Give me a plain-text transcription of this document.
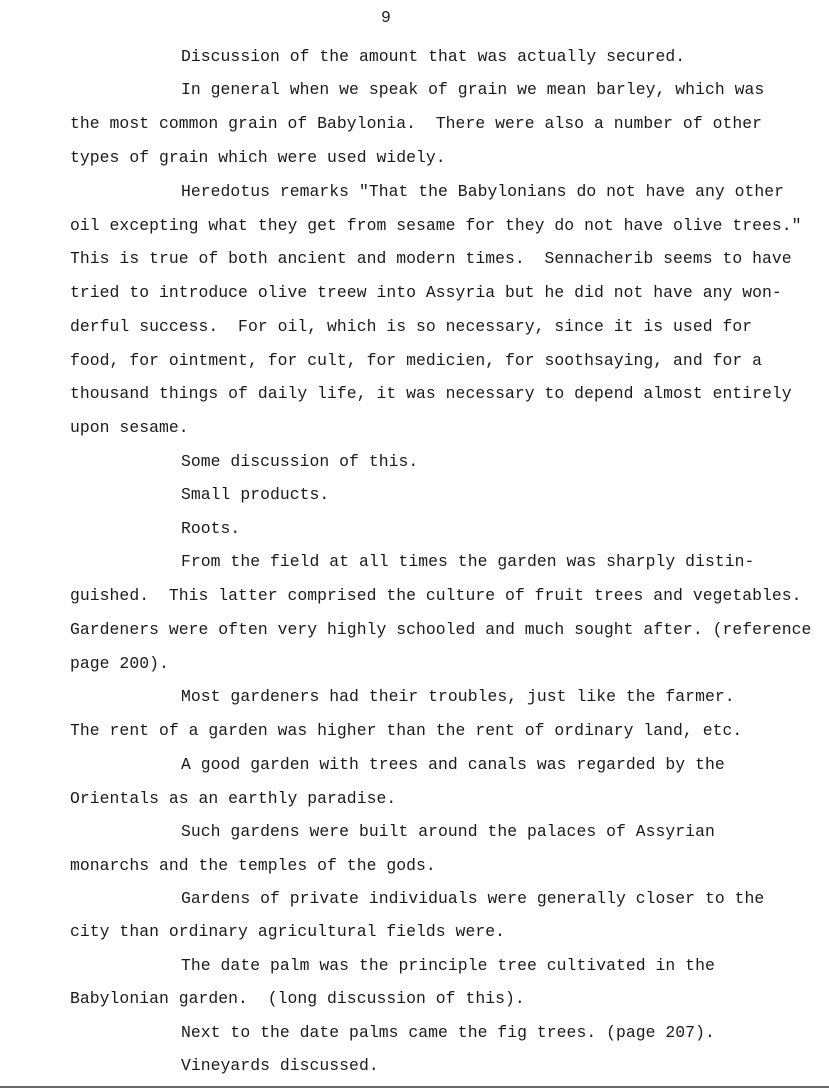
9
Discussion of the amount that was actually secured.
In general when we speak of grain we mean barley, which was
the most common grain of Babylonia.  There were also a number of other
types of grain which were used widely.
Heredotus remarks "That the Babylonians do not have any other
oil excepting what they get from sesame for they do not have olive trees."
This is true of both ancient and modern times.  Sennacherib seems to have
tried to introduce olive treew into Assyria but he did not have any won-
derful success.  For oil, which is so necessary, since it is used for
food, for ointment, for cult, for medicien, for soothsaying, and for a
thousand things of daily life, it was necessary to depend almost entirely
upon sesame.
Some discussion of this.
Small products.
Roots.
From the field at all times the garden was sharply distin-
guished.  This latter comprised the culture of fruit trees and vegetables.
Gardeners were often very highly schooled and much sought after. (reference
page 200).
Most gardeners had their troubles, just like the farmer.
The rent of a garden was higher than the rent of ordinary land, etc.
A good garden with trees and canals was regarded by the
Orientals as an earthly paradise.
Such gardens were built around the palaces of Assyrian
monarchs and the temples of the gods.
Gardens of private individuals were generally closer to the
city than ordinary agricultural fields were.
The date palm was the principle tree cultivated in the
Babylonian garden.  (long discussion of this).
Next to the date palms came the fig trees. (page 207).
Vineyards discussed.
